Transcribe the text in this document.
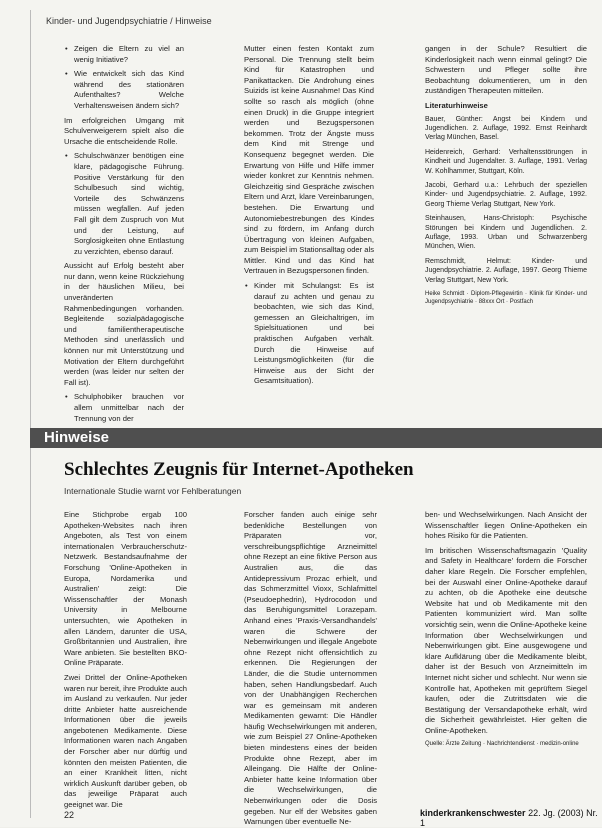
Kinder- und Jugendpsychiatrie / Hinweise

• Zeigen die Eltern zu viel an wenig Initiative?

• Wie entwickelt sich das Kind während des stationären Aufenthaltes? Welche Verhaltensweisen ändern sich?

Im erfolgreichen Umgang mit Schulverweigerern spielt also die Ursache die entscheidende Rolle.

• Schulschwänzer benötigen eine klare, pädagogische Führung. Positive Verstärkung für den Schulbesuch sind wichtig, Vorteile des Schwänzens müssen wegfallen. Auf jeden Fall gilt dem Zuspruch von Mut und der Leistung, auf Sorglosigkeiten ohne Entlastung zu verzichten, ebenso darauf.

Aussicht auf Erfolg besteht aber nur dann, wenn keine Rückziehung in der häuslichen Milieu, bei unveränderten Rahmenbedingungen vorhanden. Begleitende sozialpädagogische und familientherapeutische Methoden sind unerlässlich und können nur mit Unterstützung und Motivation der Eltern durchgeführt werden (was leider nur selten der Fall ist).

• Schulphobiker brauchen vor allem unmittelbar nach der Trennung von der

Mutter einen festen Kontakt zum Personal. Die Trennung stellt beim Kind für Katastrophen und Panikattacken. Die Androhung eines Suizids ist keine Ausnahme! Das Kind sollte so rasch als möglich (ohne einen Druck) in die Gruppe integriert werden und Bezugspersonen bekommen. Trotz der Ängste muss dem Kind mit Strenge und Konsequenz begegnet werden. Die Erwartung von Hilfe und Hilfe immer wieder konkret zur Kenntnis nehmen. Gleichzeitig sind Gespräche zwischen Eltern und Arzt, klare Vereinbarungen, bestehen. Die Erwartung und Autonomiebestrebungen des Kindes sind zu fördern, im Anfang durch Übertragung von kleinen Aufgaben, zum Beispiel im Stationsalltag oder als Mittler. Kind und das Kind hat Vertrauen in Bezugspersonen finden.

• Kinder mit Schulangst: Es ist darauf zu achten und genau zu beobachten, wie sich das Kind, gemessen an Gleichaltrigen, im Spielsituationen und bei praktischen Aufgaben verhält. Durch die Hinweise auf Leistungsmöglichkeiten (für die Hinweise aus der Sicht der Gesamtsituation).

gangen in der Schule? Resultiert die Kinderlosigkeit nach wenn einmal gelingt? Die Schwestern und Pfleger sollte ihre Beobachtung dokumentieren, um in den zuständigen Therapeuten mitteilen.

Literaturhinweise

Bauer, Günther: Angst bei Kindern und Jugendlichen. 2. Auflage, 1992. Ernst Reinhardt Verlag München, Basel.

Heidenreich, Gerhard: Verhaltensstörungen in Kindheit und Jugendalter. 3. Auflage, 1991. Verlag W. Kohlhammer, Stuttgart, Köln.

Jacobi, Gerhard u.a.: Lehrbuch der speziellen Kinder- und Jugendpsychiatrie. 2. Auflage, 1992. Georg Thieme Verlag Stuttgart, New York.

Steinhausen, Hans-Christoph: Psychische Störungen bei Kindern und Jugendlichen. 2. Auflage, 1993. Urban und Schwarzenberg München, Wien.

Remschmidt, Helmut: Kinder- und Jugendpsychiatrie. 2. Auflage, 1997. Georg Thieme Verlag Stuttgart, New York.

Heike Schmidt · Diplom-Pflegewirtin · Klinik für Kinder- und Jugendpsychiatrie · 88xxx Ort · Postfach

Hinweise
Schlechtes Zeugnis für Internet-Apotheken
Internationale Studie warnt vor Fehlberatungen

Eine Stichprobe ergab 100 Apotheken-Websites nach ihren Angeboten, als Test von einem internationalen Verbraucherschutz-Netzwerk. Bestandsaufnahme der Forschung 'Online-Apotheken in Europa, Nordamerika und Australien' zeigt: Die Wissenschaftler der Monash University in Melbourne untersuchten, wie Apotheken in allen Ländern, darunter die USA, Großbritannien und Australien, ihre Ware anbieten. Sie bestellten BKO-Online Präparate.

Zwei Drittel der Online-Apotheken waren nur bereit, ihre Produkte auch im Ausland zu verkaufen. Nur jeder dritte Anbieter hatte ausreichende Informationen über die jeweils angebotenen Medikamente. Diese Informationen waren nach Angaben der Forscher aber nur dürftig und könnten den meisten Patienten, die an einer Krankheit litten, nicht wirklich Auskunft darüber geben, ob das jeweilige Präparat auch geeignet war. Die

Forscher fanden auch einige sehr bedenkliche Bestellungen von Präparaten vor, verschreibungspflichtige Arzneimittel ohne Rezept an eine fiktive Person aus Australien aus, die das Antidepressivum Prozac erhielt, und das Schmerzmittel Vioxx, Schlafmittel (Pseudoephedrin), Hydrocodon und das Beruhigungsmittel Lorazepam. Anhand eines 'Praxis-Versandhandels' waren die Schwere der Nebenwirkungen und illegale Angebote ohne Rezept nicht offensichtlich zu erkennen. Die Regierungen der Länder, die die Studie unternommen haben, sehen Handlungsbedarf. Auch von der Unabhängigen Recherchen war es gemeinsam mit anderen Medikamenten gewarnt: Die Händler häufig Wechselwirkungen mit anderen, wie zum Beispiel 27 Online-Apotheken bieten mindestens eines der beiden Produkte ohne Rezept, aber im Alleingang. Die Hälfte der Online-Anbieter hatte keine Information über die Wechselwirkungen, die Nebenwirkungen oder die Dosis gegeben. Nur elf der Websites gaben Warnungen über eventuelle Ne-

ben- und Wechselwirkungen. Nach Ansicht der Wissenschaftler liegen Online-Apotheken ein hohes Risiko für die Patienten.

Im britischen Wissenschaftsmagazin 'Quality and Safety in Healthcare' fordern die Forscher daher klare Regeln. Die Forscher empfehlen, bei der Auswahl einer Online-Apotheke darauf zu achten, ob die Apotheke eine deutsche Website hat und ob Medikamente mit den Patienten kommuniziert wird. Man sollte vorsichtig sein, wenn die Online-Apotheke keine Information über Wechselwirkungen und Nebenwirkungen gibt. Eine ausgewogene und klare Aufklärung über die Medikamente bleibt, daher ist der Besuch von Arzneimitteln im Internet nicht sicher und schlecht. Nur wenn sie Kontrolle hat, Apotheken mit geprüftem Siegel kaufen, oder die Zutrittsdaten wie die Bestätigung der Versandapotheke erhält, wird die Sicherheit gewährleistet. Hier gelten die Online-Apotheken.

Quelle: Ärzte Zeitung · Nachrichtendienst · medizin-online

22	kinderkrankenschwester 22. Jg. (2003) Nr. 1
